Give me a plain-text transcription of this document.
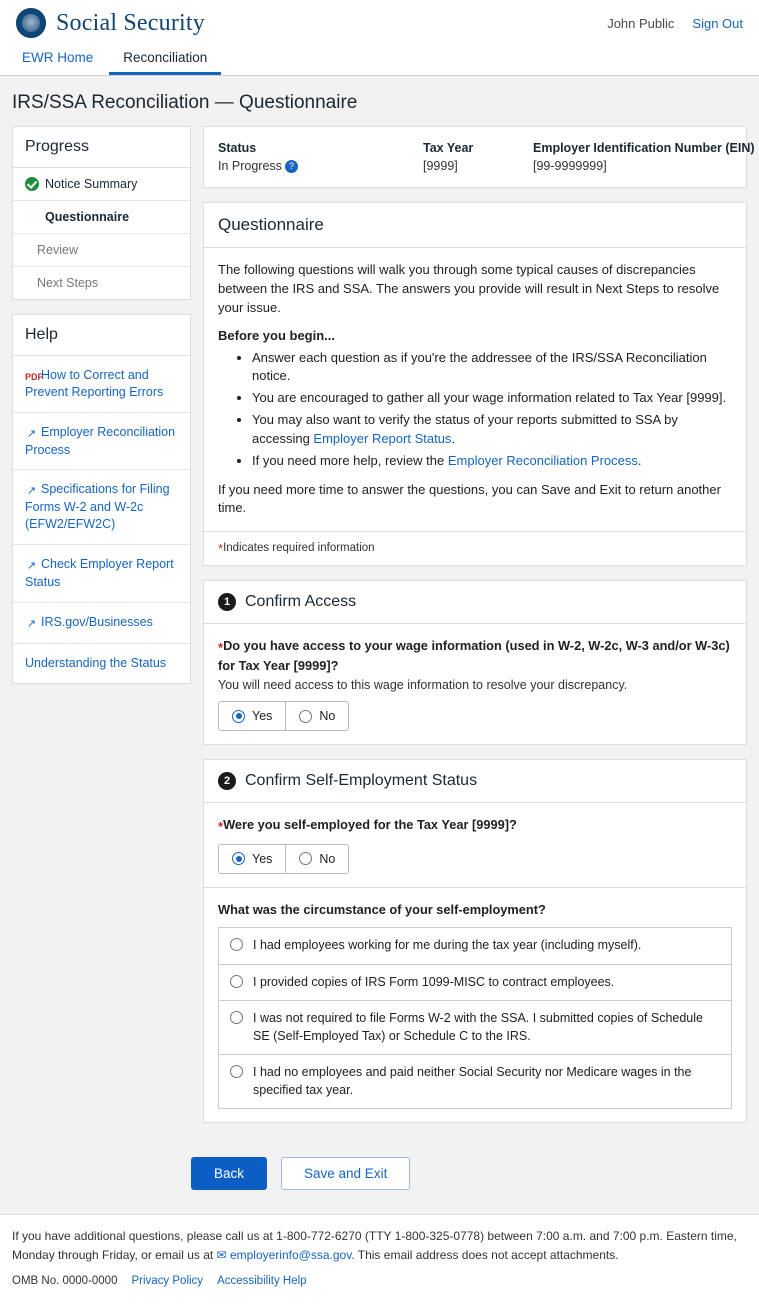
Social Security	John Public Sign Out
EWR Home	Reconciliation
IRS/SSA Reconciliation — Questionnaire
Progress
Notice Summary
Questionnaire
Review
Next Steps
Help
PDFHow to Correct and Prevent Reporting Errors
↗ Employer Reconciliation Process
↗ Specifications for Filing Forms W-2 and W-2c (EFW2/EFW2C)
↗ Check Employer Report Status
↗ IRS.gov/Businesses
Understanding the Status
Status
In Progress ?
Tax Year
[9999]
Employer Identification Number (EIN)
[99-9999999]
Questionnaire

The following questions will walk you through some typical causes of discrepancies between the IRS and SSA. The answers you provide will result in Next Steps to resolve your issue.

Before you begin...
• Answer each question as if you're the addressee of the IRS/SSA Reconciliation notice.
• You are encouraged to gather all your wage information related to Tax Year [9999].
• You may also want to verify the status of your reports submitted to SSA by accessing Employer Report Status.
• If you need more help, review the Employer Reconciliation Process.

If you need more time to answer the questions, you can Save and Exit to return another time.

*Indicates required information
1 Confirm Access
*Do you have access to your wage information (used in W-2, W-2c, W-3 and/or W-3c) for Tax Year [9999]?
You will need access to this wage information to resolve your discrepancy.
Yes	No
2 Confirm Self-Employment Status
*Were you self-employed for the Tax Year [9999]?
Yes	No
What was the circumstance of your self-employment?
I had employees working for me during the tax year (including myself).
I provided copies of IRS Form 1099-MISC to contract employees.
I was not required to file Forms W-2 with the SSA. I submitted copies of Schedule SE (Self-Employed Tax) or Schedule C to the IRS.
I had no employees and paid neither Social Security nor Medicare wages in the specified tax year.
Back	Save and Exit
If you have additional questions, please call us at 1-800-772-6270 (TTY 1-800-325-0778) between 7:00 a.m. and 7:00 p.m. Eastern time, Monday through Friday, or email us at ✉ employerinfo@ssa.gov. This email address does not accept attachments.
OMB No. 0000-0000 Privacy Policy Accessibility Help
